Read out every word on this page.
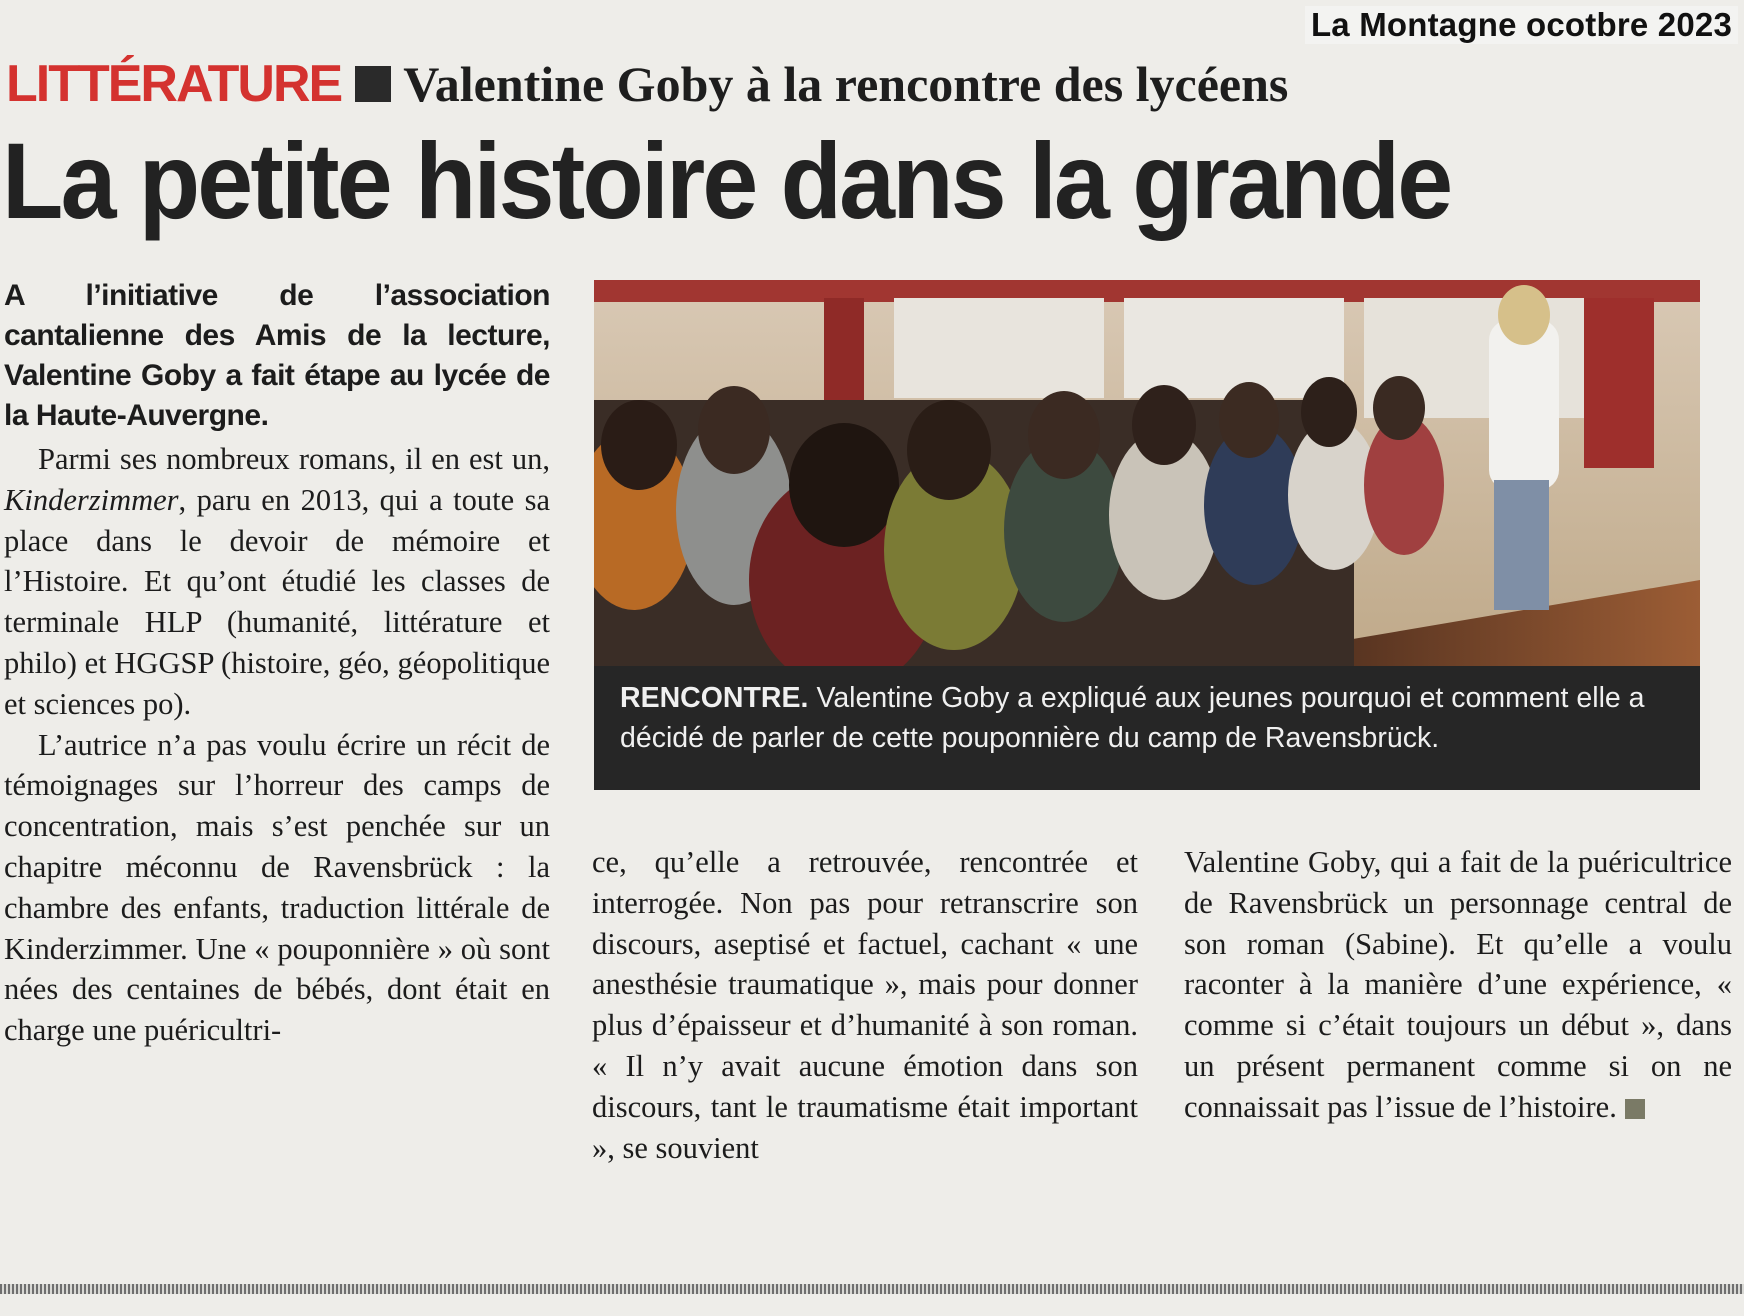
La Montagne ocotbre 2023
LITTÉRATURE Valentine Goby à la rencontre des lycéens
La petite histoire dans la grande
A l’initiative de l’association cantalienne des Amis de la lecture, Valentine Goby a fait étape au lycée de la Haute-Auvergne.

Parmi ses nombreux romans, il en est un, Kinderzimmer, paru en 2013, qui a toute sa place dans le devoir de mémoire et l’Histoire. Et qu’ont étudié les classes de terminale HLP (humanité, littérature et philo) et HGGSP (histoire, géo, géopolitique et sciences po).

L’autrice n’a pas voulu écrire un récit de témoignages sur l’horreur des camps de concentration, mais s’est penchée sur un chapitre méconnu de Ravensbrück : la chambre des enfants, traduction littérale de Kinderzimmer. Une « pouponnière » où sont nées des centaines de bébés, dont était en charge une puéricultri-

RENCONTRE. Valentine Goby a expliqué aux jeunes pourquoi et comment elle a décidé de parler de cette pouponnière du camp de Ravensbrück.

ce, qu’elle a retrouvée, rencontrée et interrogée. Non pas pour retranscrire son discours, aseptisé et factuel, cachant « une anesthésie traumatique », mais pour donner plus d’épaisseur et d’humanité à son roman. « Il n’y avait aucune émotion dans son discours, tant le traumatisme était important », se souvient

Valentine Goby, qui a fait de la puéricultrice de Ravensbrück un personnage central de son roman (Sabine). Et qu’elle a voulu raconter à la manière d’une expérience, « comme si c’était toujours un début », dans un présent permanent comme si on ne connaissait pas l’issue de l’histoire.
